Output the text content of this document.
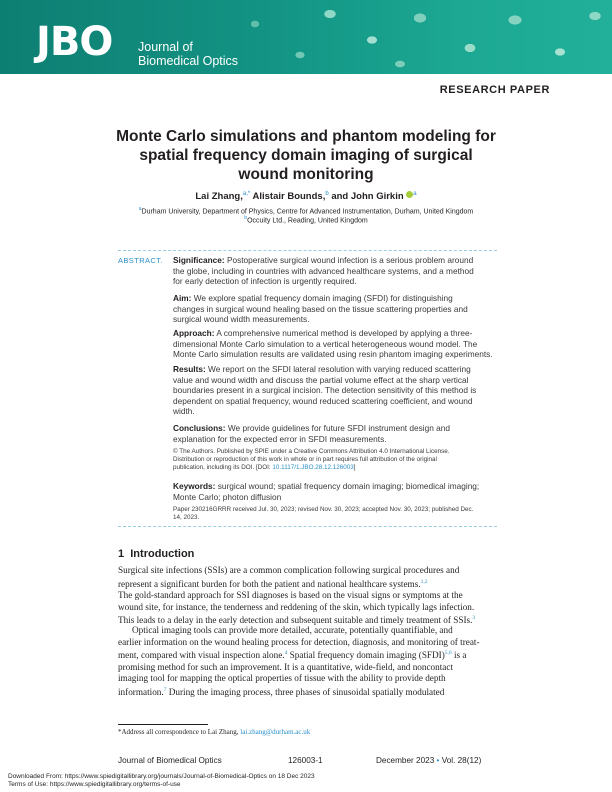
JBO Journal of
Biomedical Optics
RESEARCH PAPER
Monte Carlo simulations and phantom modeling for
spatial frequency domain imaging of surgical
wound monitoring
Lai Zhang,$^{a,*}$ Alistair Bounds,$^b$ and John Girkin $^a$
$^a$Durham University, Department of Physics, Centre for Advanced Instrumentation, Durham, United Kingdom
$^b$Occuity Ltd., Reading, United Kingdom
ABSTRACT. Significance: Postoperative surgical wound infection is a serious problem around
the globe, including in countries with advanced healthcare systems, and a method
for early detection of infection is urgently required.
Aim: We explore spatial frequency domain imaging (SFDI) for distinguishing
changes in surgical wound healing based on the tissue scattering properties and
surgical wound width measurements.
Approach: A comprehensive numerical method is developed by applying a three-
dimensional Monte Carlo simulation to a vertical heterogeneous wound model. The
Monte Carlo simulation results are validated using resin phantom imaging experiments.
Results: We report on the SFDI lateral resolution with varying reduced scattering
value and wound width and discuss the partial volume effect at the sharp vertical
boundaries present in a surgical incision. The detection sensitivity of this method is
dependent on spatial frequency, wound reduced scattering coefficient, and wound
width.
Conclusions: We provide guidelines for future SFDI instrument design and
explanation for the expected error in SFDI measurements.
© The Authors. Published by SPIE under a Creative Commons Attribution 4.0 International License.
Distribution or reproduction of this work in whole or in part requires full attribution of the original
publication, including its DOI. [DOI: 10.1117/1.JBO.28.12.126003]
Keywords: surgical wound; spatial frequency domain imaging; biomedical imaging;
Monte Carlo; photon diffusion
Paper 230216GRRR received Jul. 30, 2023; revised Nov. 30, 2023; accepted Nov. 30, 2023; published Dec.
14, 2023.
1 Introduction
Surgical site infections (SSIs) are a common complication following surgical procedures and
represent a significant burden for both the patient and national healthcare systems.$^{1,2}$
The gold-standard approach for SSI diagnoses is based on the visual signs or symptoms at the
wound site, for instance, the tenderness and reddening of the skin, which typically lags infection.
This leads to a delay in the early detection and subsequent suitable and timely treatment of SSIs.$^3$
Optical imaging tools can provide more detailed, accurate, potentially quantifiable, and
earlier information on the wound healing process for detection, diagnosis, and monitoring of treat-
ment, compared with visual inspection alone.$^4$ Spatial frequency domain imaging (SFDI)$^{5,6}$ is a
promising method for such an improvement. It is a quantitative, wide-field, and noncontact
imaging tool for mapping the optical properties of tissue with the ability to provide depth
information.$^7$ During the imaging process, three phases of sinusoidal spatially modulated
*Address all correspondence to Lai Zhang, lai.zhang@durham.ac.uk
Journal of Biomedical Optics	126003-1	December 2023 • Vol. 28(12)
Downloaded From: https://www.spiedigitallibrary.org/journals/Journal-of-Biomedical-Optics on 18 Dec 2023
Terms of Use: https://www.spiedigitallibrary.org/terms-of-use
